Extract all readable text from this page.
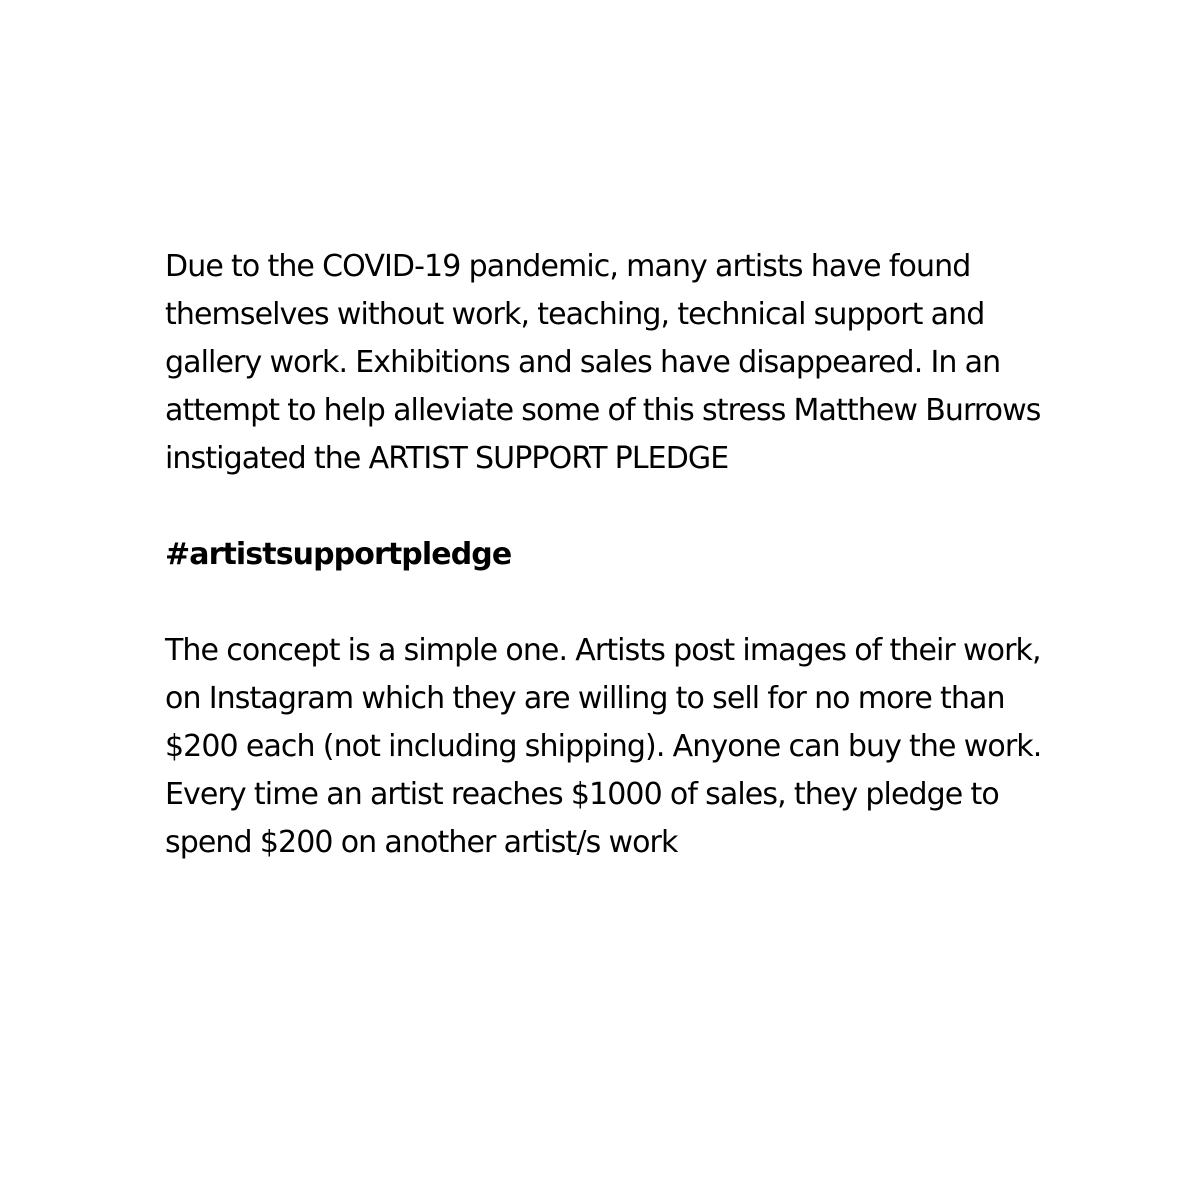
Due to the COVID-19 pandemic, many artists have found themselves without work, teaching, technical support and gallery work. Exhibitions and sales have disappeared. In an attempt to help alleviate some of this stress Matthew Burrows instigated the ARTIST SUPPORT PLEDGE

#artistsupportpledge

The concept is a simple one. Artists post images of their work, on Instagram which they are willing to sell for no more than $200 each (not including shipping). Anyone can buy the work. Every time an artist reaches $1000 of sales, they pledge to spend $200 on another artist/s work
